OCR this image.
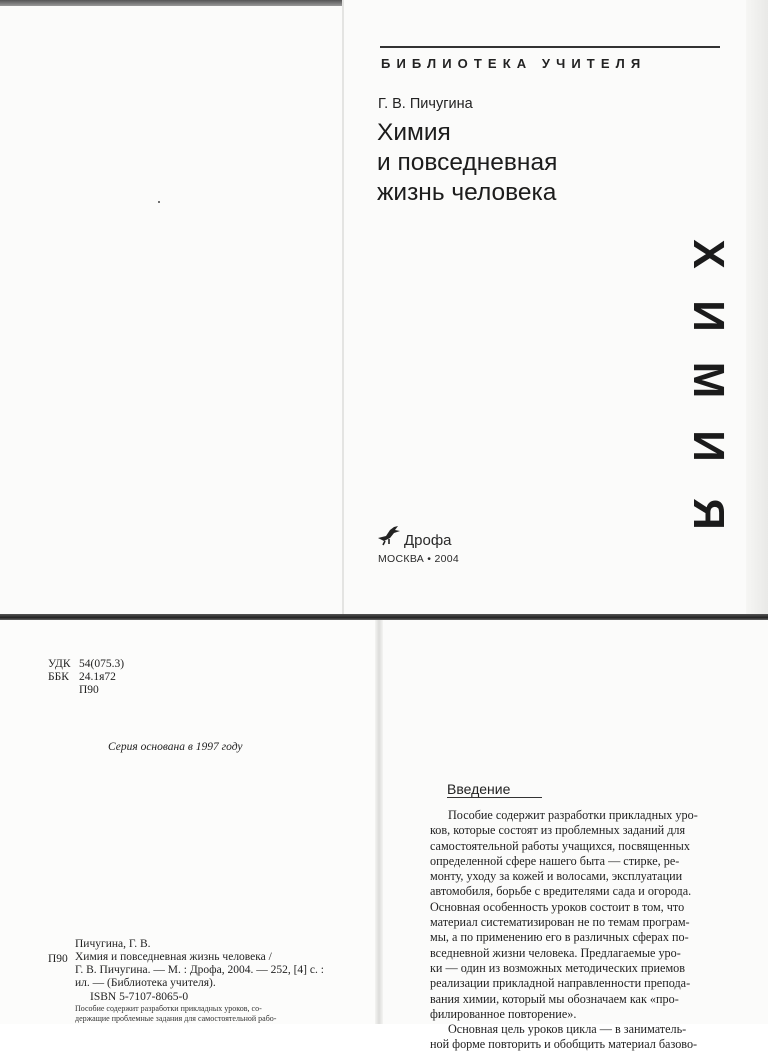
БИБЛИОТЕКА УЧИТЕЛЯ
Г. В. Пичугина
Химия
и повседневная
жизнь человека
Х
И
М
И
Я
Дрофа
МОСКВА • 2004
УДК 54(075.3)
ББК 24.1я72
П90
Серия основана в 1997 году
П90
Пичугина, Г. В.
Химия и повседневная жизнь человека /
Г. В. Пичугина. — М. : Дрофа, 2004. — 252, [4] с. :
ил. — (Библиотека учителя).
ISBN 5-7107-8065-0
Пособие содержит разработки прикладных уроков, со-
держащие проблемные задания для самостоятельной рабо-
Введение
Пособие содержит разработки прикладных уро-
ков, которые состоят из проблемных заданий для
самостоятельной работы учащихся, посвященных
определенной сфере нашего быта — стирке, ре-
монту, уходу за кожей и волосами, эксплуатации
автомобиля, борьбе с вредителями сада и огорода.
Основная особенность уроков состоит в том, что
материал систематизирован не по темам програм-
мы, а по применению его в различных сферах по-
вседневной жизни человека. Предлагаемые уро-
ки — один из возможных методических приемов
реализации прикладной направленности препода-
вания химии, который мы обозначаем как «про-
филированное повторение».
Основная цель уроков цикла — в заниматель-
ной форме повторить и обобщить материал базово-
